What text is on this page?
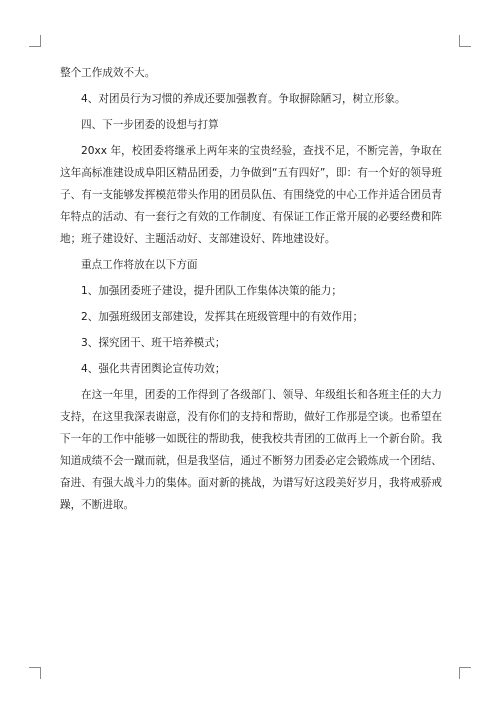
整个工作成效不大。

4、对团员行为习惯的养成还要加强教育。争取摒除陋习，树立形象。

四、下一步团委的设想与打算

20xx 年，校团委将继承上两年来的宝贵经验，查找不足，不断完善，争取在这年高标准建设成阜阳区精品团委，力争做到“五有四好”，即：有一个好的领导班子、有一支能够发挥模范带头作用的团员队伍、有围绕党的中心工作并适合团员青年特点的活动、有一套行之有效的工作制度、有保证工作正常开展的必要经费和阵地；班子建设好、主题活动好、支部建设好、阵地建设好。

重点工作将放在以下方面

1、加强团委班子建设，提升团队工作集体决策的能力；

2、加强班级团支部建设，发挥其在班级管理中的有效作用；

3、探究团干、班干培养模式；

4、强化共青团舆论宣传功效；

在这一年里，团委的工作得到了各级部门、领导、年级组长和各班主任的大力支持，在这里我深表谢意，没有你们的支持和帮助，做好工作那是空谈。也希望在下一年的工作中能够一如既往的帮助我，使我校共青团的工做再上一个新台阶。我知道成绩不会一蹴而就，但是我坚信，通过不断努力团委必定会锻炼成一个团结、奋进、有强大战斗力的集体。面对新的挑战，为谱写好这段美好岁月，我将戒骄戒躁，不断进取。
